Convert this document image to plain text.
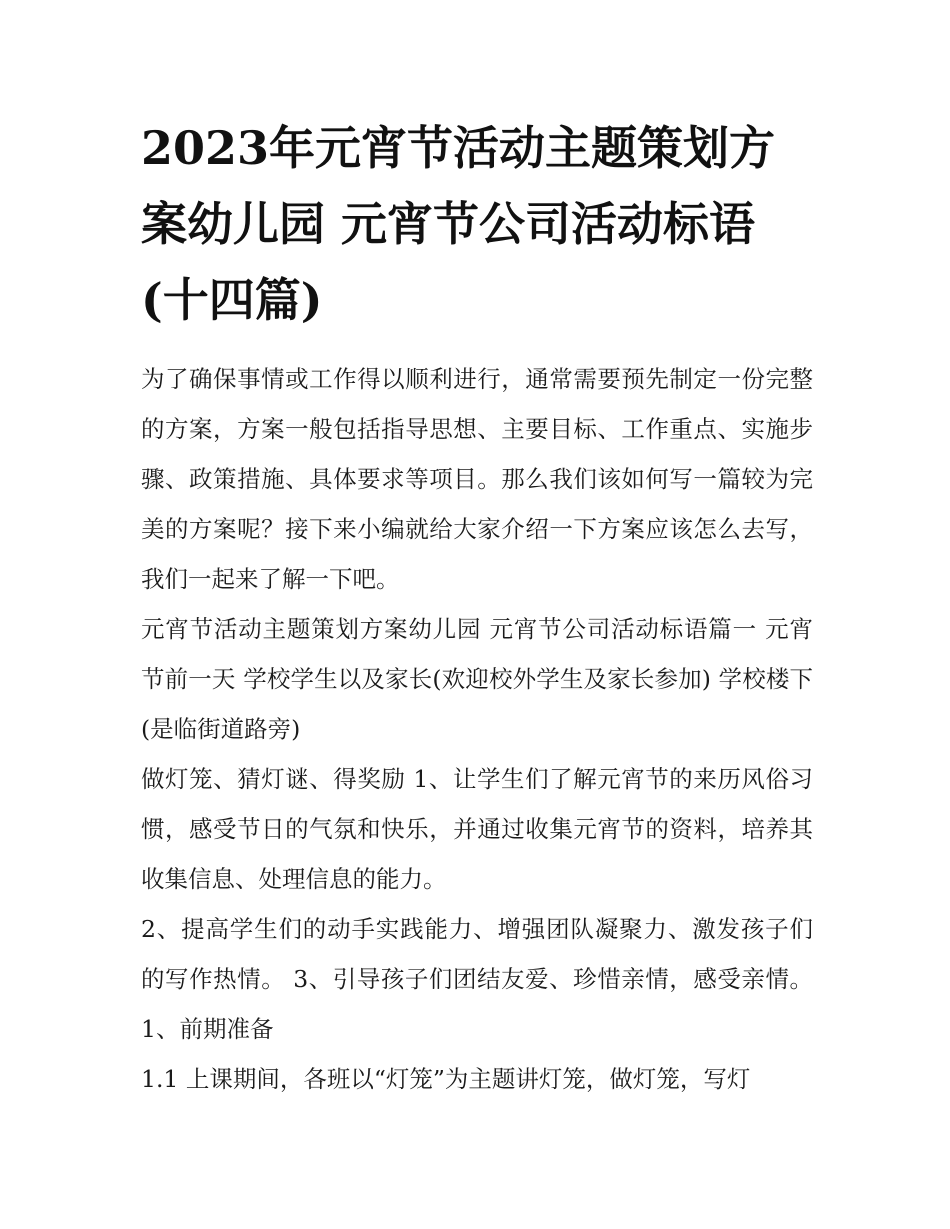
2023年元宵节活动主题策划方案幼儿园 元宵节公司活动标语(十四篇)

为了确保事情或工作得以顺利进行，通常需要预先制定一份完整的方案，方案一般包括指导思想、主要目标、工作重点、实施步骤、政策措施、具体要求等项目。那么我们该如何写一篇较为完美的方案呢？接下来小编就给大家介绍一下方案应该怎么去写，我们一起来了解一下吧。

元宵节活动主题策划方案幼儿园 元宵节公司活动标语篇一 元宵节前一天 学校学生以及家长(欢迎校外学生及家长参加) 学校楼下(是临街道路旁)

做灯笼、猜灯谜、得奖励 1、让学生们了解元宵节的来历风俗习惯，感受节日的气氛和快乐，并通过收集元宵节的资料，培养其收集信息、处理信息的能力。

2、提高学生们的动手实践能力、增强团队凝聚力、激发孩子们的写作热情。 3、引导孩子们团结友爱、珍惜亲情，感受亲情。 1、前期准备

1.1 上课期间，各班以“灯笼”为主题讲灯笼，做灯笼，写灯
